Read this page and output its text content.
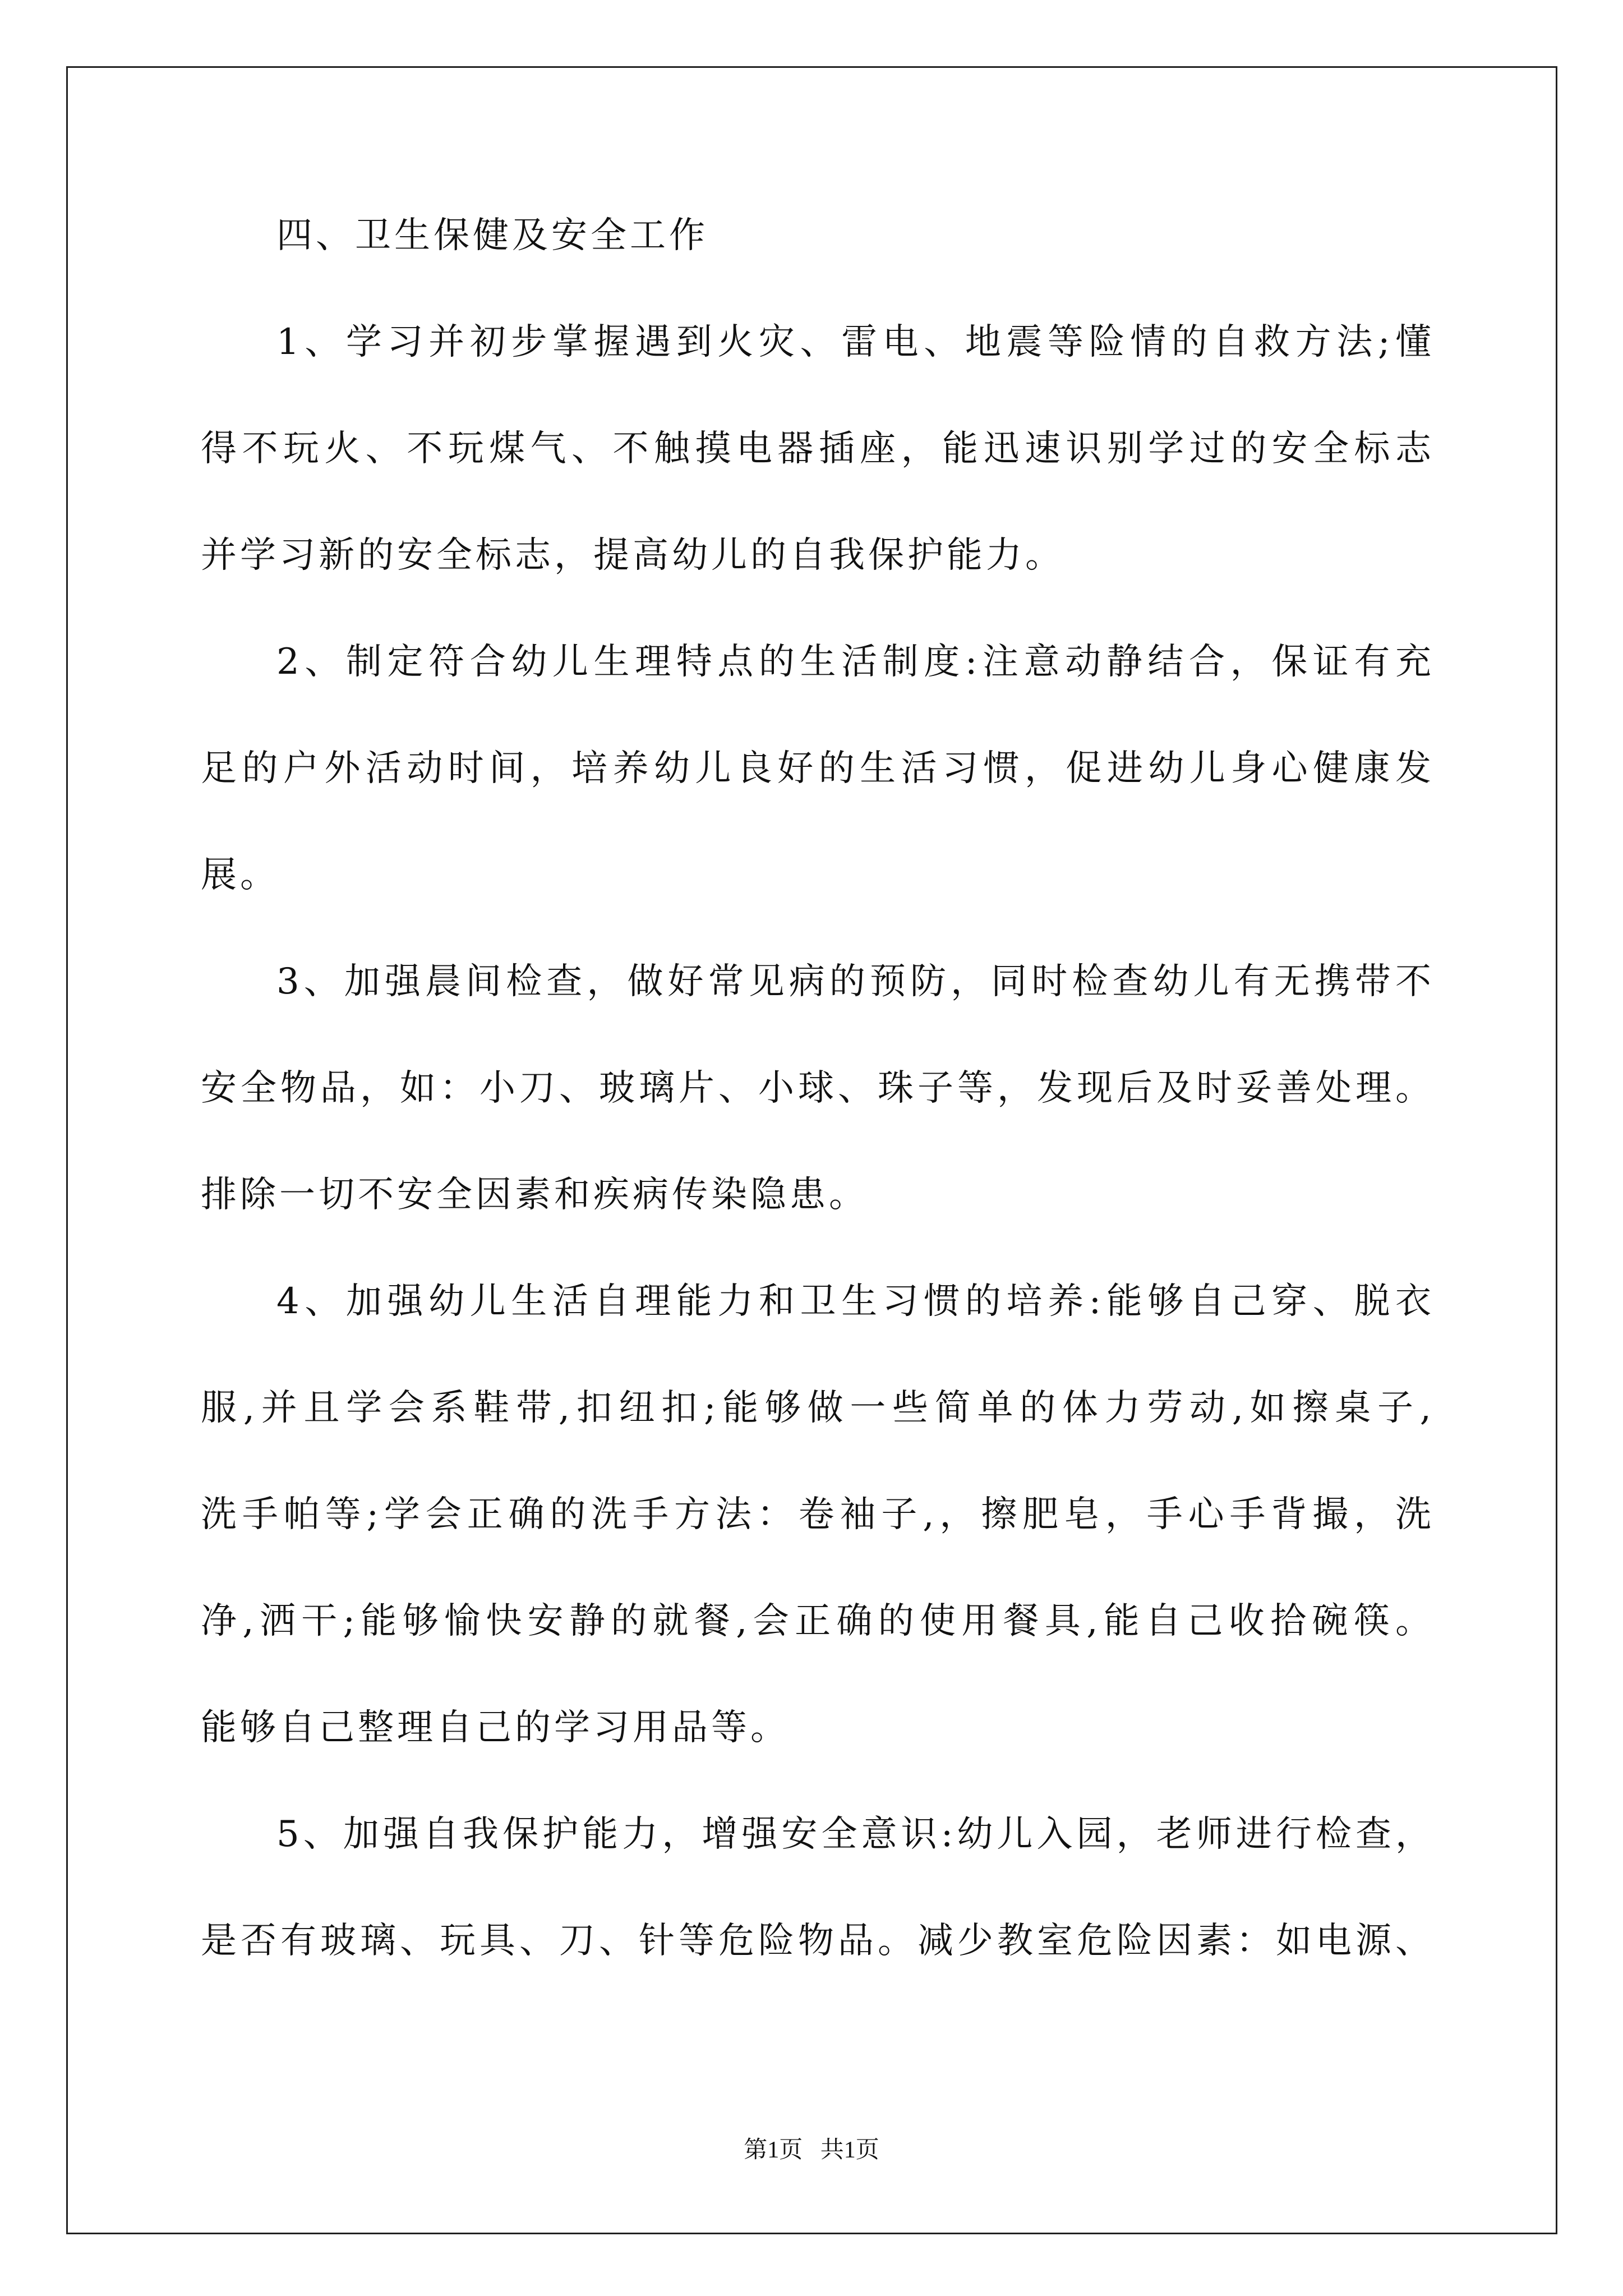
四、卫生保健及安全工作
1、学习并初步掌握遇到火灾、雷电、地震等险情的自救方法;懂
得不玩火、不玩煤气、不触摸电器插座，能迅速识别学过的安全标志
并学习新的安全标志，提高幼儿的自我保护能力。
2、制定符合幼儿生理特点的生活制度:注意动静结合，保证有充
足的户外活动时间，培养幼儿良好的生活习惯，促进幼儿身心健康发
展。
3、加强晨间检查，做好常见病的预防，同时检查幼儿有无携带不
安全物品，如：小刀、玻璃片、小球、珠子等，发现后及时妥善处理。
排除一切不安全因素和疾病传染隐患。
4、加强幼儿生活自理能力和卫生习惯的培养:能够自己穿、脱衣
服,并且学会系鞋带,扣纽扣;能够做一些简单的体力劳动,如擦桌子,
洗手帕等;学会正确的洗手方法：卷袖子,，擦肥皂，手心手背撮，洗
净,洒干;能够愉快安静的就餐,会正确的使用餐具,能自己收拾碗筷。
能够自己整理自己的学习用品等。
5、加强自我保护能力，增强安全意识:幼儿入园，老师进行检查，
是否有玻璃、玩具、刀、针等危险物品。减少教室危险因素：如电源、
第1页   共1页
